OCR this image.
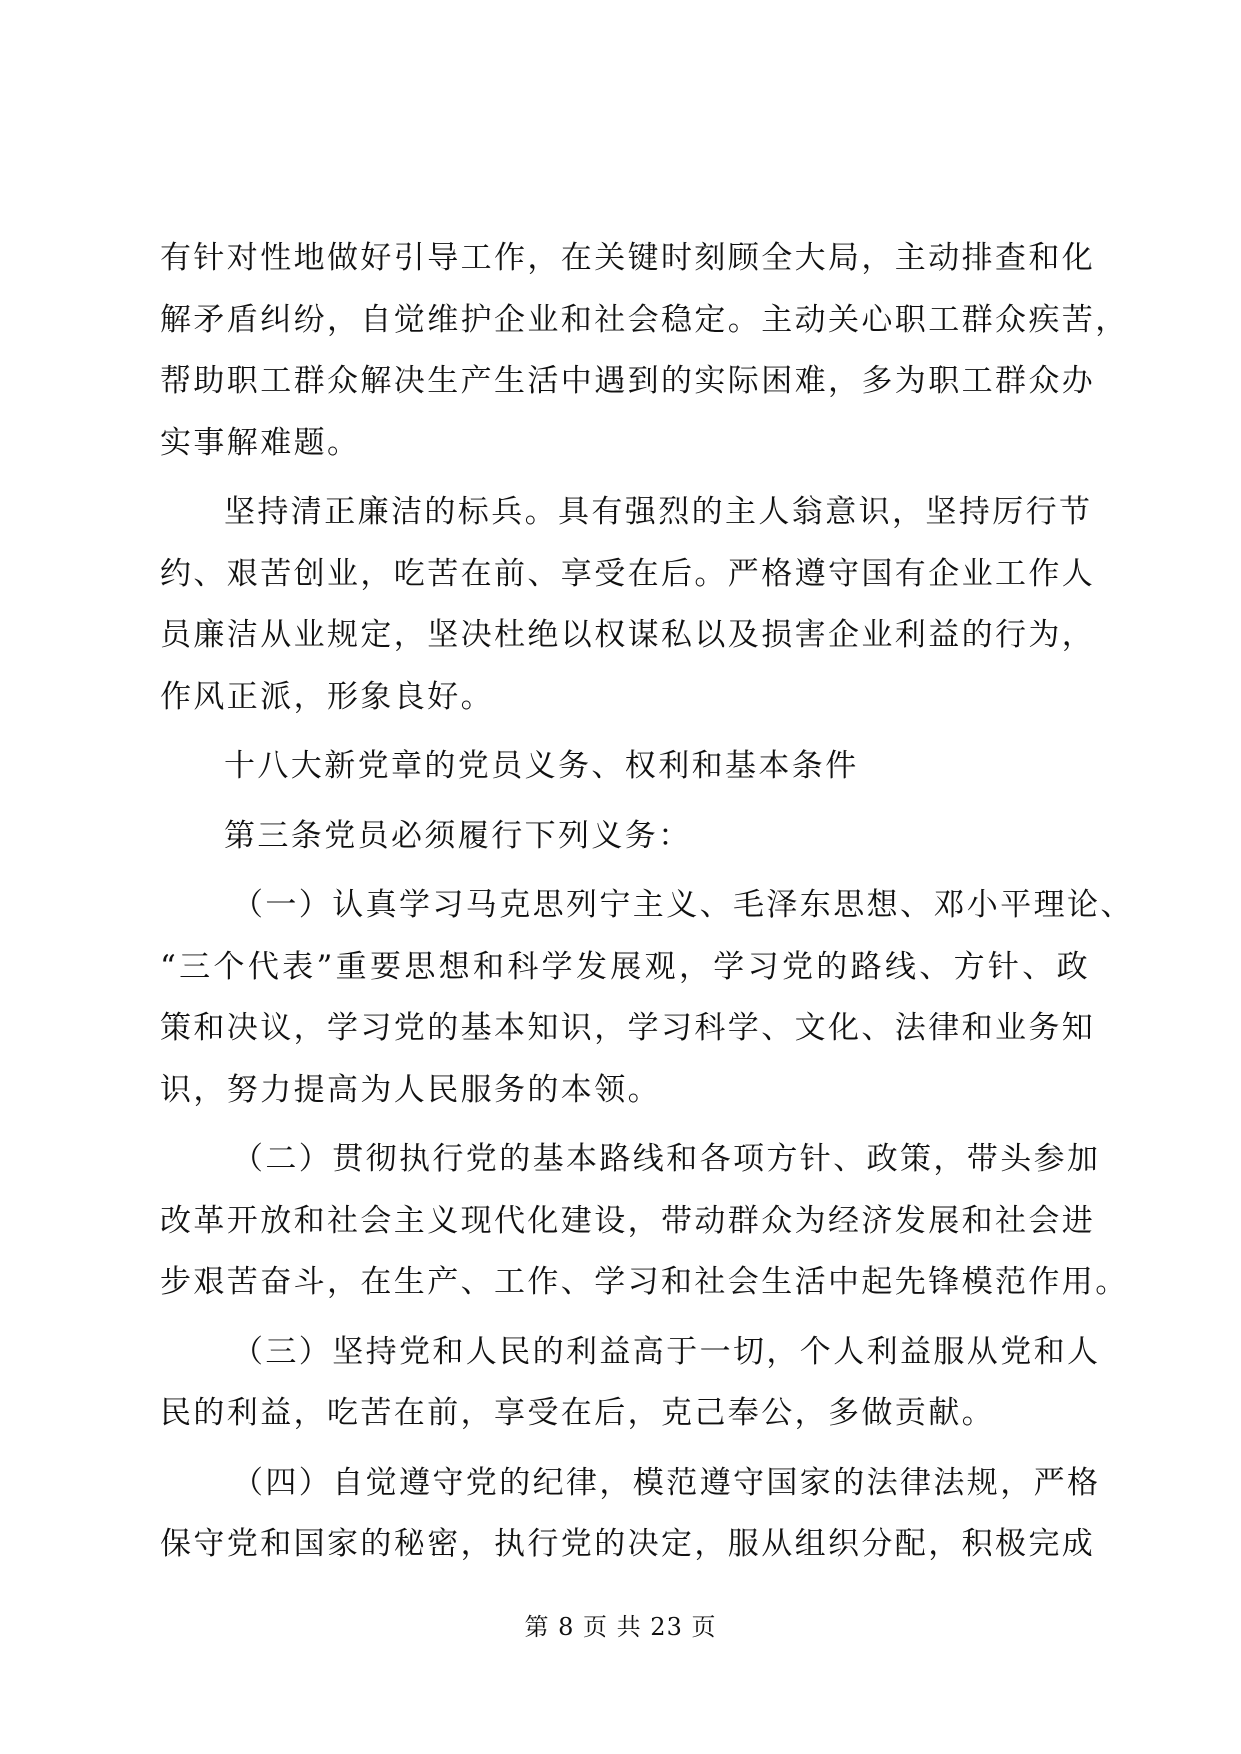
有针对性地做好引导工作，在关键时刻顾全大局，主动排查和化
解矛盾纠纷，自觉维护企业和社会稳定。主动关心职工群众疾苦，
帮助职工群众解决生产生活中遇到的实际困难，多为职工群众办
实事解难题。
坚持清正廉洁的标兵。具有强烈的主人翁意识，坚持厉行节
约、艰苦创业，吃苦在前、享受在后。严格遵守国有企业工作人
员廉洁从业规定，坚决杜绝以权谋私以及损害企业利益的行为，
作风正派，形象良好。
十八大新党章的党员义务、权利和基本条件
第三条党员必须履行下列义务：
（一）认真学习马克思列宁主义、毛泽东思想、邓小平理论、
“三个代表”重要思想和科学发展观，学习党的路线、方针、政
策和决议，学习党的基本知识，学习科学、文化、法律和业务知
识，努力提高为人民服务的本领。
（二）贯彻执行党的基本路线和各项方针、政策，带头参加
改革开放和社会主义现代化建设，带动群众为经济发展和社会进
步艰苦奋斗，在生产、工作、学习和社会生活中起先锋模范作用。
（三）坚持党和人民的利益高于一切，个人利益服从党和人
民的利益，吃苦在前，享受在后，克己奉公，多做贡献。
（四）自觉遵守党的纪律，模范遵守国家的法律法规，严格
保守党和国家的秘密，执行党的决定，服从组织分配，积极完成
第 8 页 共 23 页
